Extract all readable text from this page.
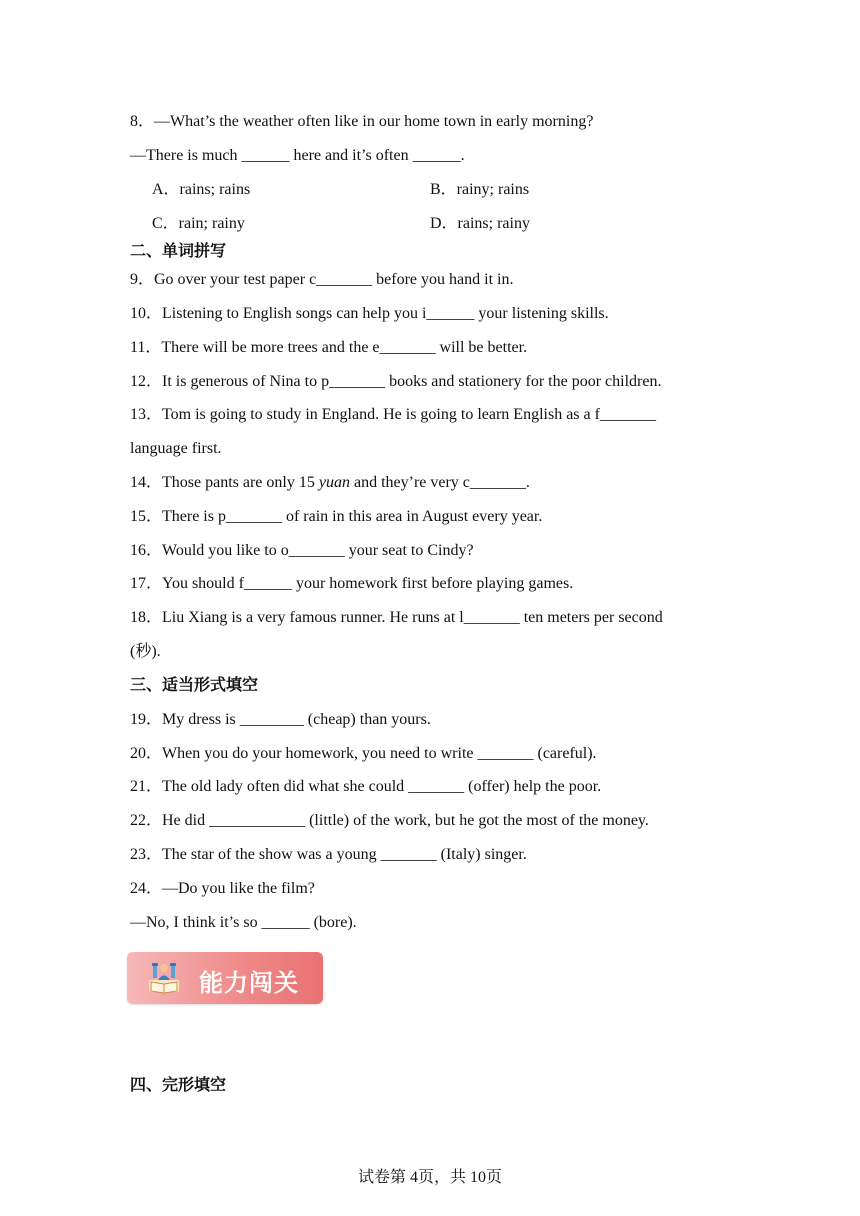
8．—What’s the weather often like in our home town in early morning?
—There is much ______ here and it’s often ______.
A．rains; rains	B．rainy; rains
C．rain; rainy	D．rains; rainy
二、单词拼写
9．Go over your test paper c_______ before you hand it in.
10．Listening to English songs can help you i______ your listening skills.
11．There will be more trees and the e_______ will be better.
12．It is generous of Nina to p_______ books and stationery for the poor children.
13．Tom is going to study in England. He is going to learn English as a f_______
language first.
14．Those pants are only 15 yuan and they’re very c_______.
15．There is p_______ of rain in this area in August every year.
16．Would you like to o_______ your seat to Cindy?
17．You should f______ your homework first before playing games.
18．Liu Xiang is a very famous runner. He runs at l_______ ten meters per second
(秒).
三、适当形式填空
19．My dress is ________ (cheap) than yours.
20．When you do your homework, you need to write _______ (careful).
21．The old lady often did what she could _______ (offer) help the poor.
22．He did ____________ (little) of the work, but he got the most of the money.
23．The star of the show was a young _______ (Italy) singer.
24．—Do you like the film?
—No, I think it’s so ______ (bore).
能力闯关
四、完形填空
试卷第 4页，共 10页
